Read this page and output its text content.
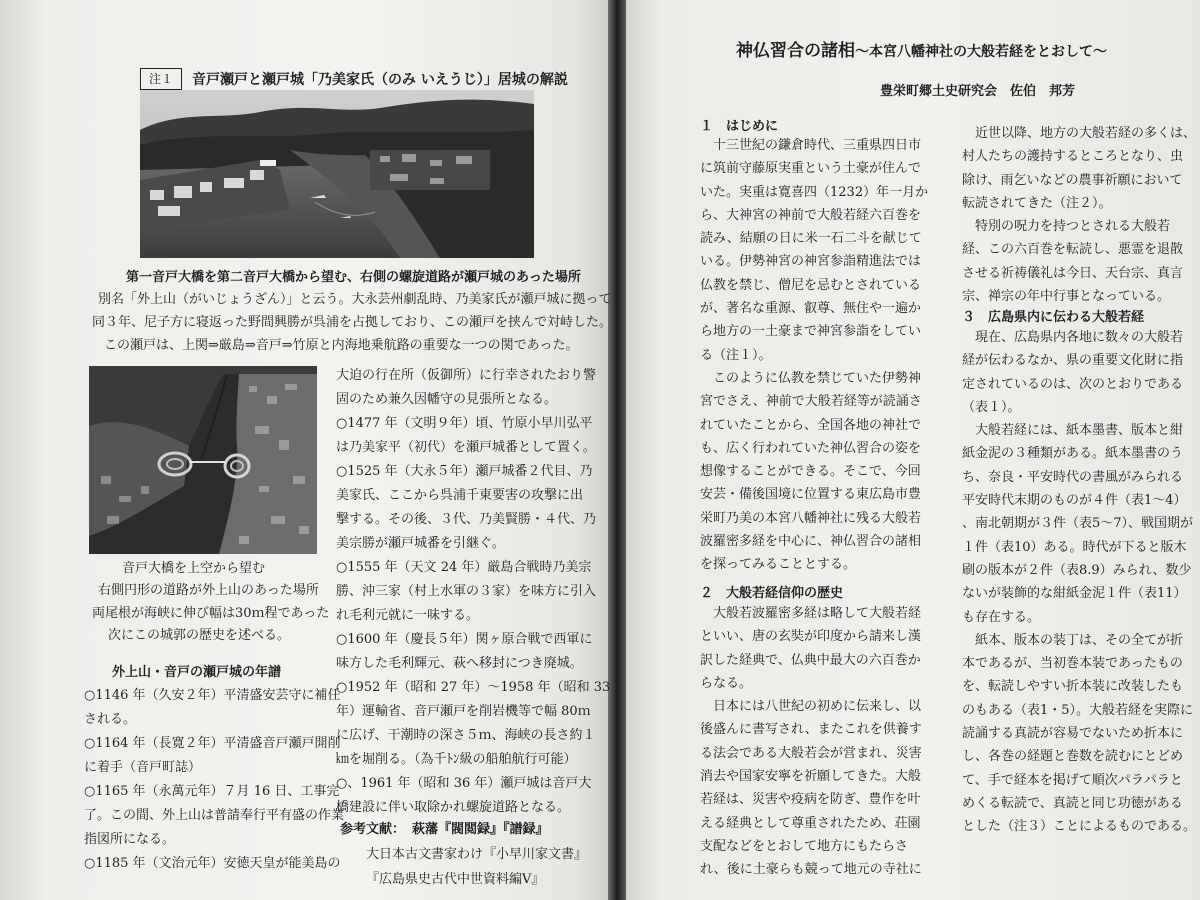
注１	音戸瀬戸と瀬戸城「乃美家氏（のみ いえうじ）」居城の解説
第一音戸大橋を第二音戸大橋から望む、右側の螺旋道路が瀬戸城のあった場所
別名「外上山（がいじょうざん）」と云う。大永芸州劇乱時、乃美家氏が瀬戸城に拠って
同３年、尼子方に寝返った野間興勝が呉浦を占拠しており、この瀬戸を挟んで対峙した。
この瀬戸は、上関⇒厳島⇒音戸⇒竹原と内海地乗航路の重要な一つの関であった。
音戸大橋を上空から望む
右側円形の道路が外上山のあった場所
両尾根が海峡に伸び幅は30ｍ程であった
次にこの城郭の歴史を述べる。
外上山・音戸の瀬戸城の年譜
○1146 年（久安２年）平清盛安芸守に補任
される。
○1164 年（長寛２年）平清盛音戸瀬戸開削
に着手（音戸町誌）
○1165 年（永萬元年）７月 16 日、工事完
了。この間、外上山は普請奉行平有盛の作業
指図所になる。
○1185 年（文治元年）安徳天皇が能美島の
大迫の行在所（仮御所）に行幸されたおり警
固のため兼久因幡守の見張所となる。
○1477 年（文明９年）頃、竹原小早川弘平
は乃美家平（初代）を瀬戸城番として置く。
○1525 年（大永５年）瀬戸城番２代目、乃
美家氏、ここから呉浦千東要害の攻撃に出
撃する。その後、３代、乃美賢勝・４代、乃
美宗勝が瀬戸城番を引継ぐ。
○1555 年（天文 24 年）厳島合戦時乃美宗
勝、沖三家（村上水軍の３家）を味方に引入
れ毛利元就に一味する。
○1600 年（慶長５年）関ヶ原合戦で西軍に
味方した毛利輝元、萩へ移封につき廃城。
○1952 年（昭和 27 年）～1958 年（昭和 33
年）運輸省、音戸瀬戸を削岩機等で幅 80ｍ
に広げ、干潮時の深さ５ｍ、海峡の長さ約１
㎞を堀削る。（為千ﾄﾝ級の船舶航行可能）
○、1961 年（昭和 36 年）瀬戸城は音戸大
橋建設に伴い取除かれ螺旋道路となる。
参考文献： 萩藩『閥閲録』『譜録』
大日本古文書家わけ『小早川家文書』
『広島県史古代中世資料編Ⅴ』
神仏習合の諸相～本宮八幡神社の大般若経をとおして～
豊栄町郷土史研究会　佐伯　邦芳
１　はじめに
十三世紀の鎌倉時代、三重県四日市
に筑前守藤原実重という土豪が住んで
いた。実重は寛喜四（1232）年一月か
ら、大神宮の神前で大般若経六百巻を
読み、結願の日に米一石二斗を献じて
いる。伊勢神宮の神宮参詣精進法では
仏教を禁じ、僧尼を忌むとされている
が、著名な重源、叡尊、無住や一遍か
ら地方の一土豪まで神宮参詣をしてい
る（注１）。
このように仏教を禁じていた伊勢神
宮でさえ、神前で大般若経等が読誦さ
れていたことから、全国各地の神社で
も、広く行われていた神仏習合の姿を
想像することができる。そこで、今回
安芸・備後国境に位置する東広島市豊
栄町乃美の本宮八幡神社に残る大般若
波羅密多経を中心に、神仏習合の諸相
を探ってみることとする。
２　大般若経信仰の歴史
大般若波羅密多経は略して大般若経
といい、唐の玄奘が印度から請来し漢
訳した経典で、仏典中最大の六百巻か
らなる。
日本には八世紀の初めに伝来し、以
後盛んに書写され、またこれを供養す
る法会である大般若会が営まれ、災害
消去や国家安寧を祈願してきた。大般
若経は、災害や疫病を防ぎ、豊作を叶
える経典として尊重されたため、荘園
支配などをとおして地方にもたらさ
れ、後に土豪らも競って地元の寺社に
近世以降、地方の大般若経の多くは、
村人たちの護持するところとなり、虫
除け、雨乞いなどの農事祈願において
転読されてきた（注２）。
特別の呪力を持つとされる大般若
経、この六百巻を転読し、悪霊を退散
させる祈祷儀礼は今日、天台宗、真言
宗、禅宗の年中行事となっている。
３　広島県内に伝わる大般若経
現在、広島県内各地に数々の大般若
経が伝わるなか、県の重要文化財に指
定されているのは、次のとおりである
（表１）。
大般若経には、紙本墨書、版本と紺
紙金泥の３種類がある。紙本墨書のう
ち、奈良・平安時代の書風がみられる
平安時代末期のものが４件（表1～4）
、南北朝期が３件（表5～7）、戦国期が
１件（表10）ある。時代が下ると版木
刷の版本が２件（表8.9）みられ、数少
ないが装飾的な紺紙金泥１件（表11）
も存在する。
紙本、版本の装丁は、その全てが折
本であるが、当初巻本装であったもの
を、転読しやすい折本装に改装したも
のもある（表1・5）。大般若経を実際に
読誦する真読が容易でないため折本に
し、各巻の経題と巻数を読むにとどめ
て、手で経本を掲げて順次パラパラと
めくる転読で、真読と同じ功徳がある
とした（注３）ことによるものである。
